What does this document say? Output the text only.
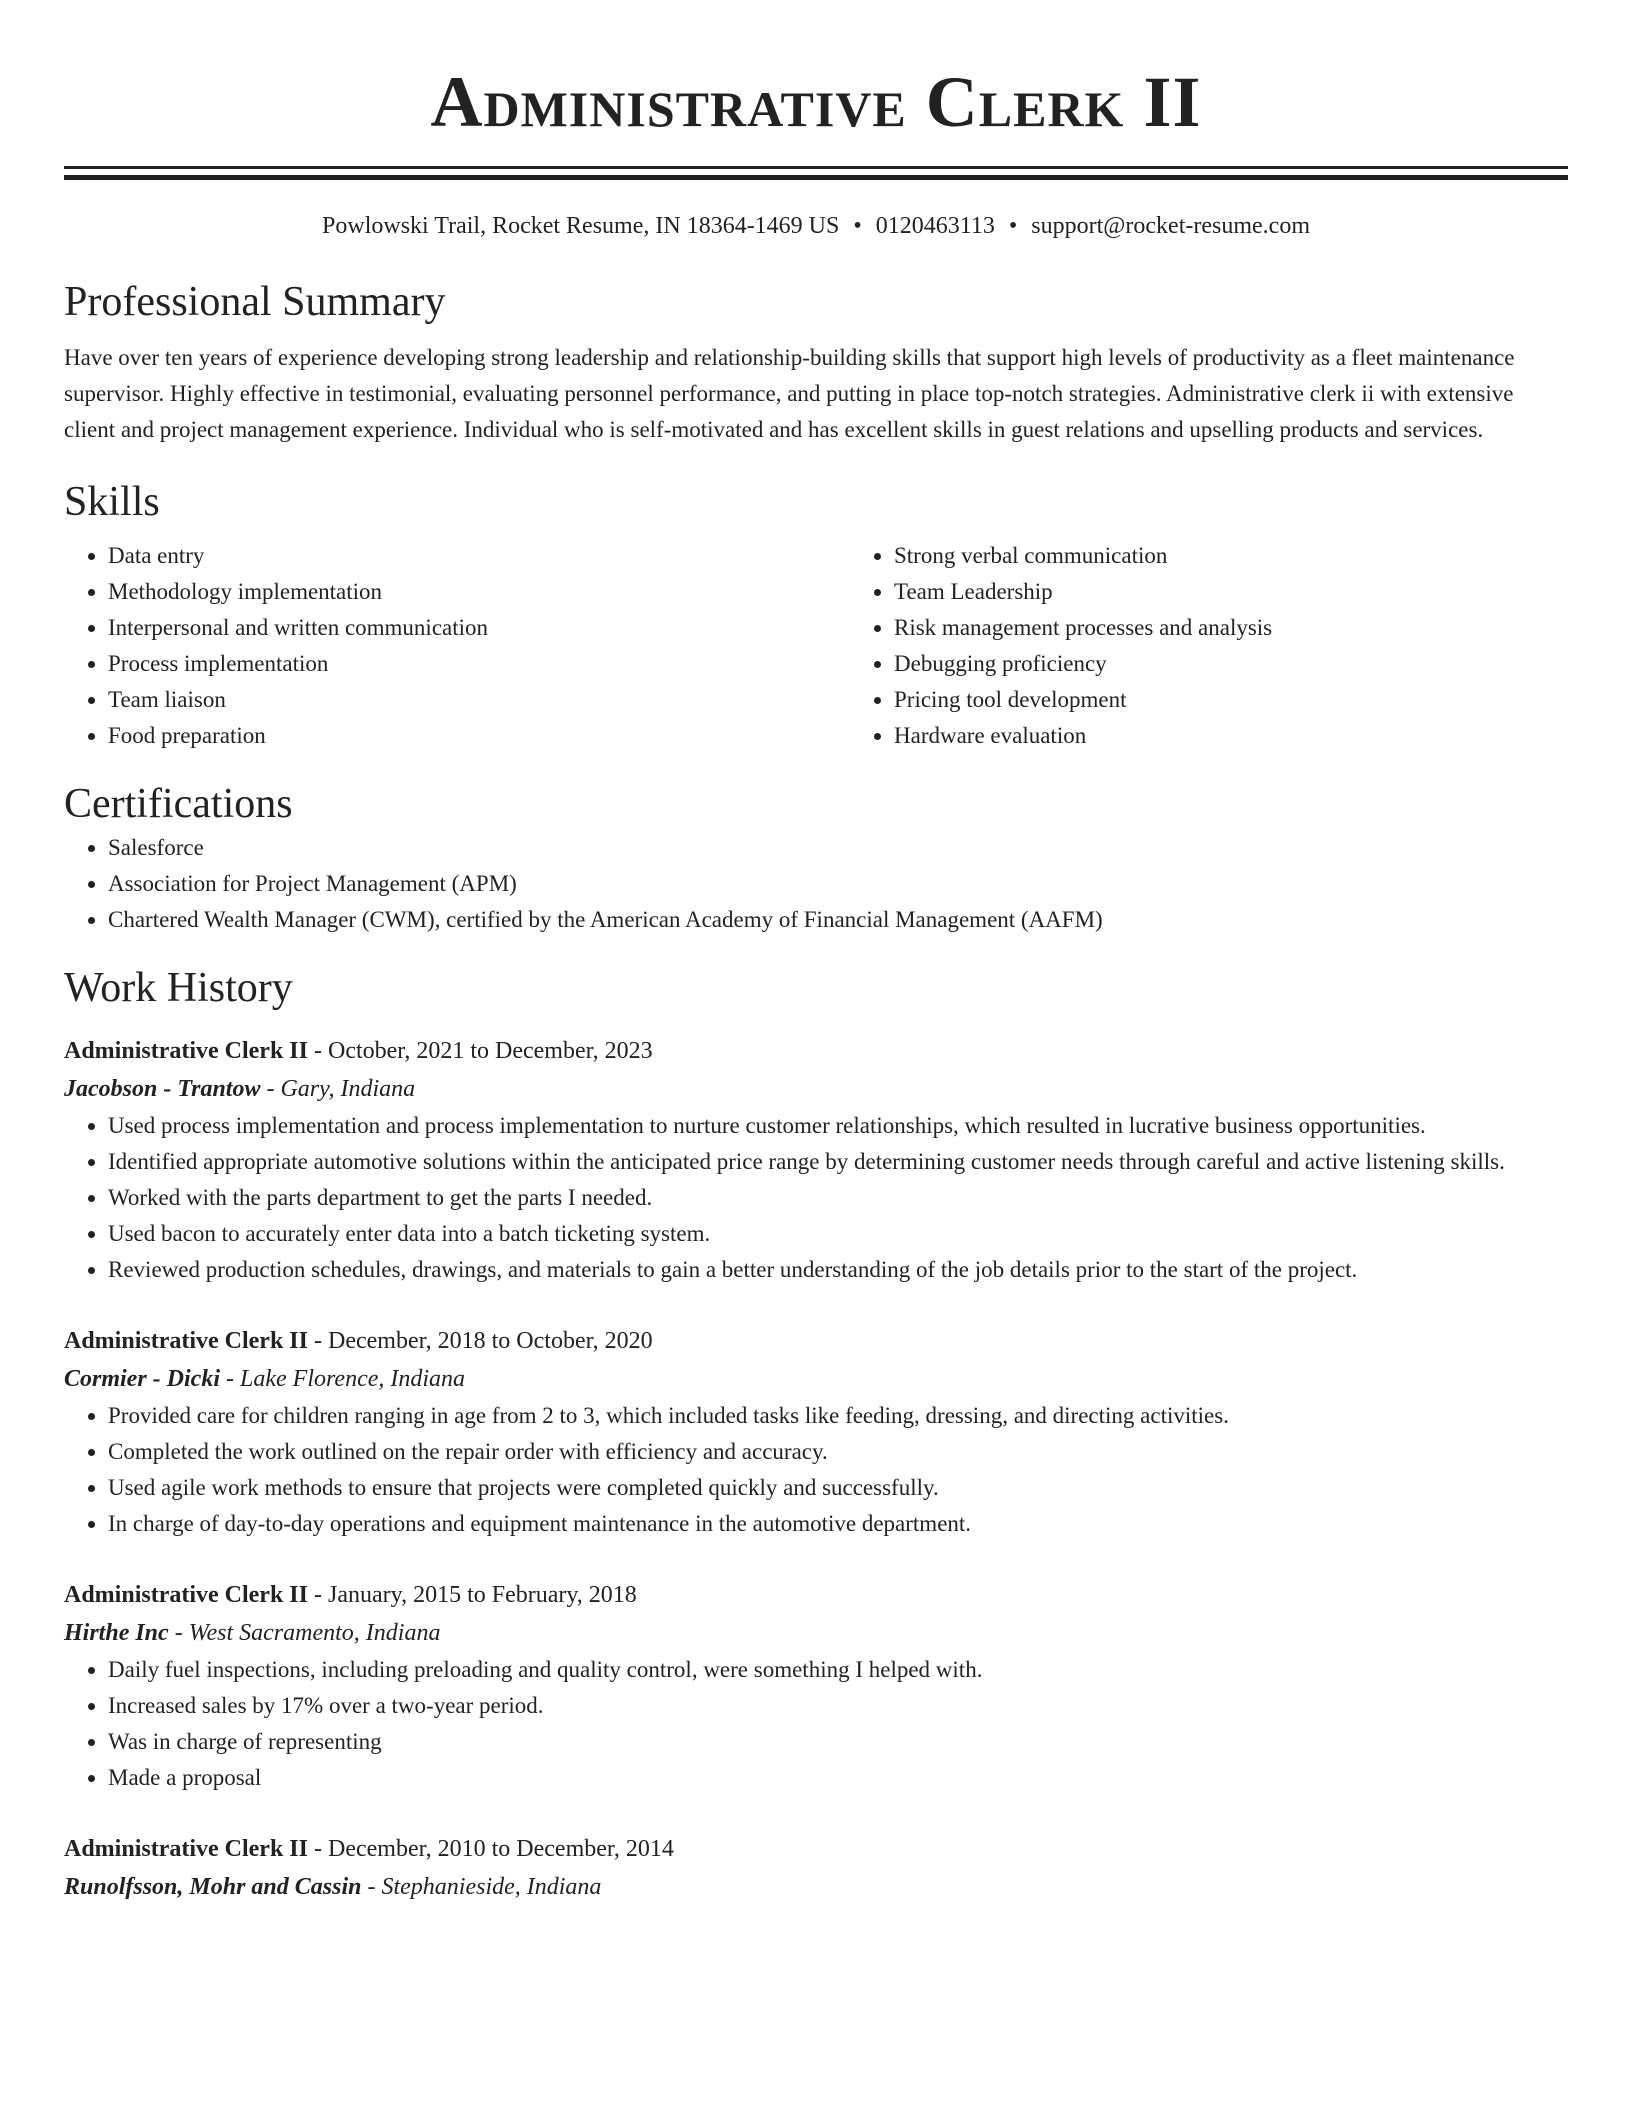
Administrative Clerk II
Powlowski Trail, Rocket Resume, IN 18364-1469 US • 0120463113 • support@rocket-resume.com
Professional Summary

Have over ten years of experience developing strong leadership and relationship-building skills that support high levels of productivity as a fleet maintenance supervisor. Highly effective in testimonial, evaluating personnel performance, and putting in place top-notch strategies. Administrative clerk ii with extensive client and project management experience. Individual who is self-motivated and has excellent skills in guest relations and upselling products and services.

Skills
• Data entry
• Methodology implementation
• Interpersonal and written communication
• Process implementation
• Team liaison
• Food preparation
• Strong verbal communication
• Team Leadership
• Risk management processes and analysis
• Debugging proficiency
• Pricing tool development
• Hardware evaluation
Certifications
• Salesforce
• Association for Project Management (APM)
• Chartered Wealth Manager (CWM), certified by the American Academy of Financial Management (AAFM)
Work History
Administrative Clerk II - October, 2021 to December, 2023
Jacobson - Trantow - Gary, Indiana
• Used process implementation and process implementation to nurture customer relationships, which resulted in lucrative business opportunities.
• Identified appropriate automotive solutions within the anticipated price range by determining customer needs through careful and active listening skills.
• Worked with the parts department to get the parts I needed.
• Used bacon to accurately enter data into a batch ticketing system.
• Reviewed production schedules, drawings, and materials to gain a better understanding of the job details prior to the start of the project.
Administrative Clerk II - December, 2018 to October, 2020
Cormier - Dicki - Lake Florence, Indiana
• Provided care for children ranging in age from 2 to 3, which included tasks like feeding, dressing, and directing activities.
• Completed the work outlined on the repair order with efficiency and accuracy.
• Used agile work methods to ensure that projects were completed quickly and successfully.
• In charge of day-to-day operations and equipment maintenance in the automotive department.
Administrative Clerk II - January, 2015 to February, 2018
Hirthe Inc - West Sacramento, Indiana
• Daily fuel inspections, including preloading and quality control, were something I helped with.
• Increased sales by 17% over a two-year period.
• Was in charge of representing
• Made a proposal
Administrative Clerk II - December, 2010 to December, 2014
Runolfsson, Mohr and Cassin - Stephanieside, Indiana
